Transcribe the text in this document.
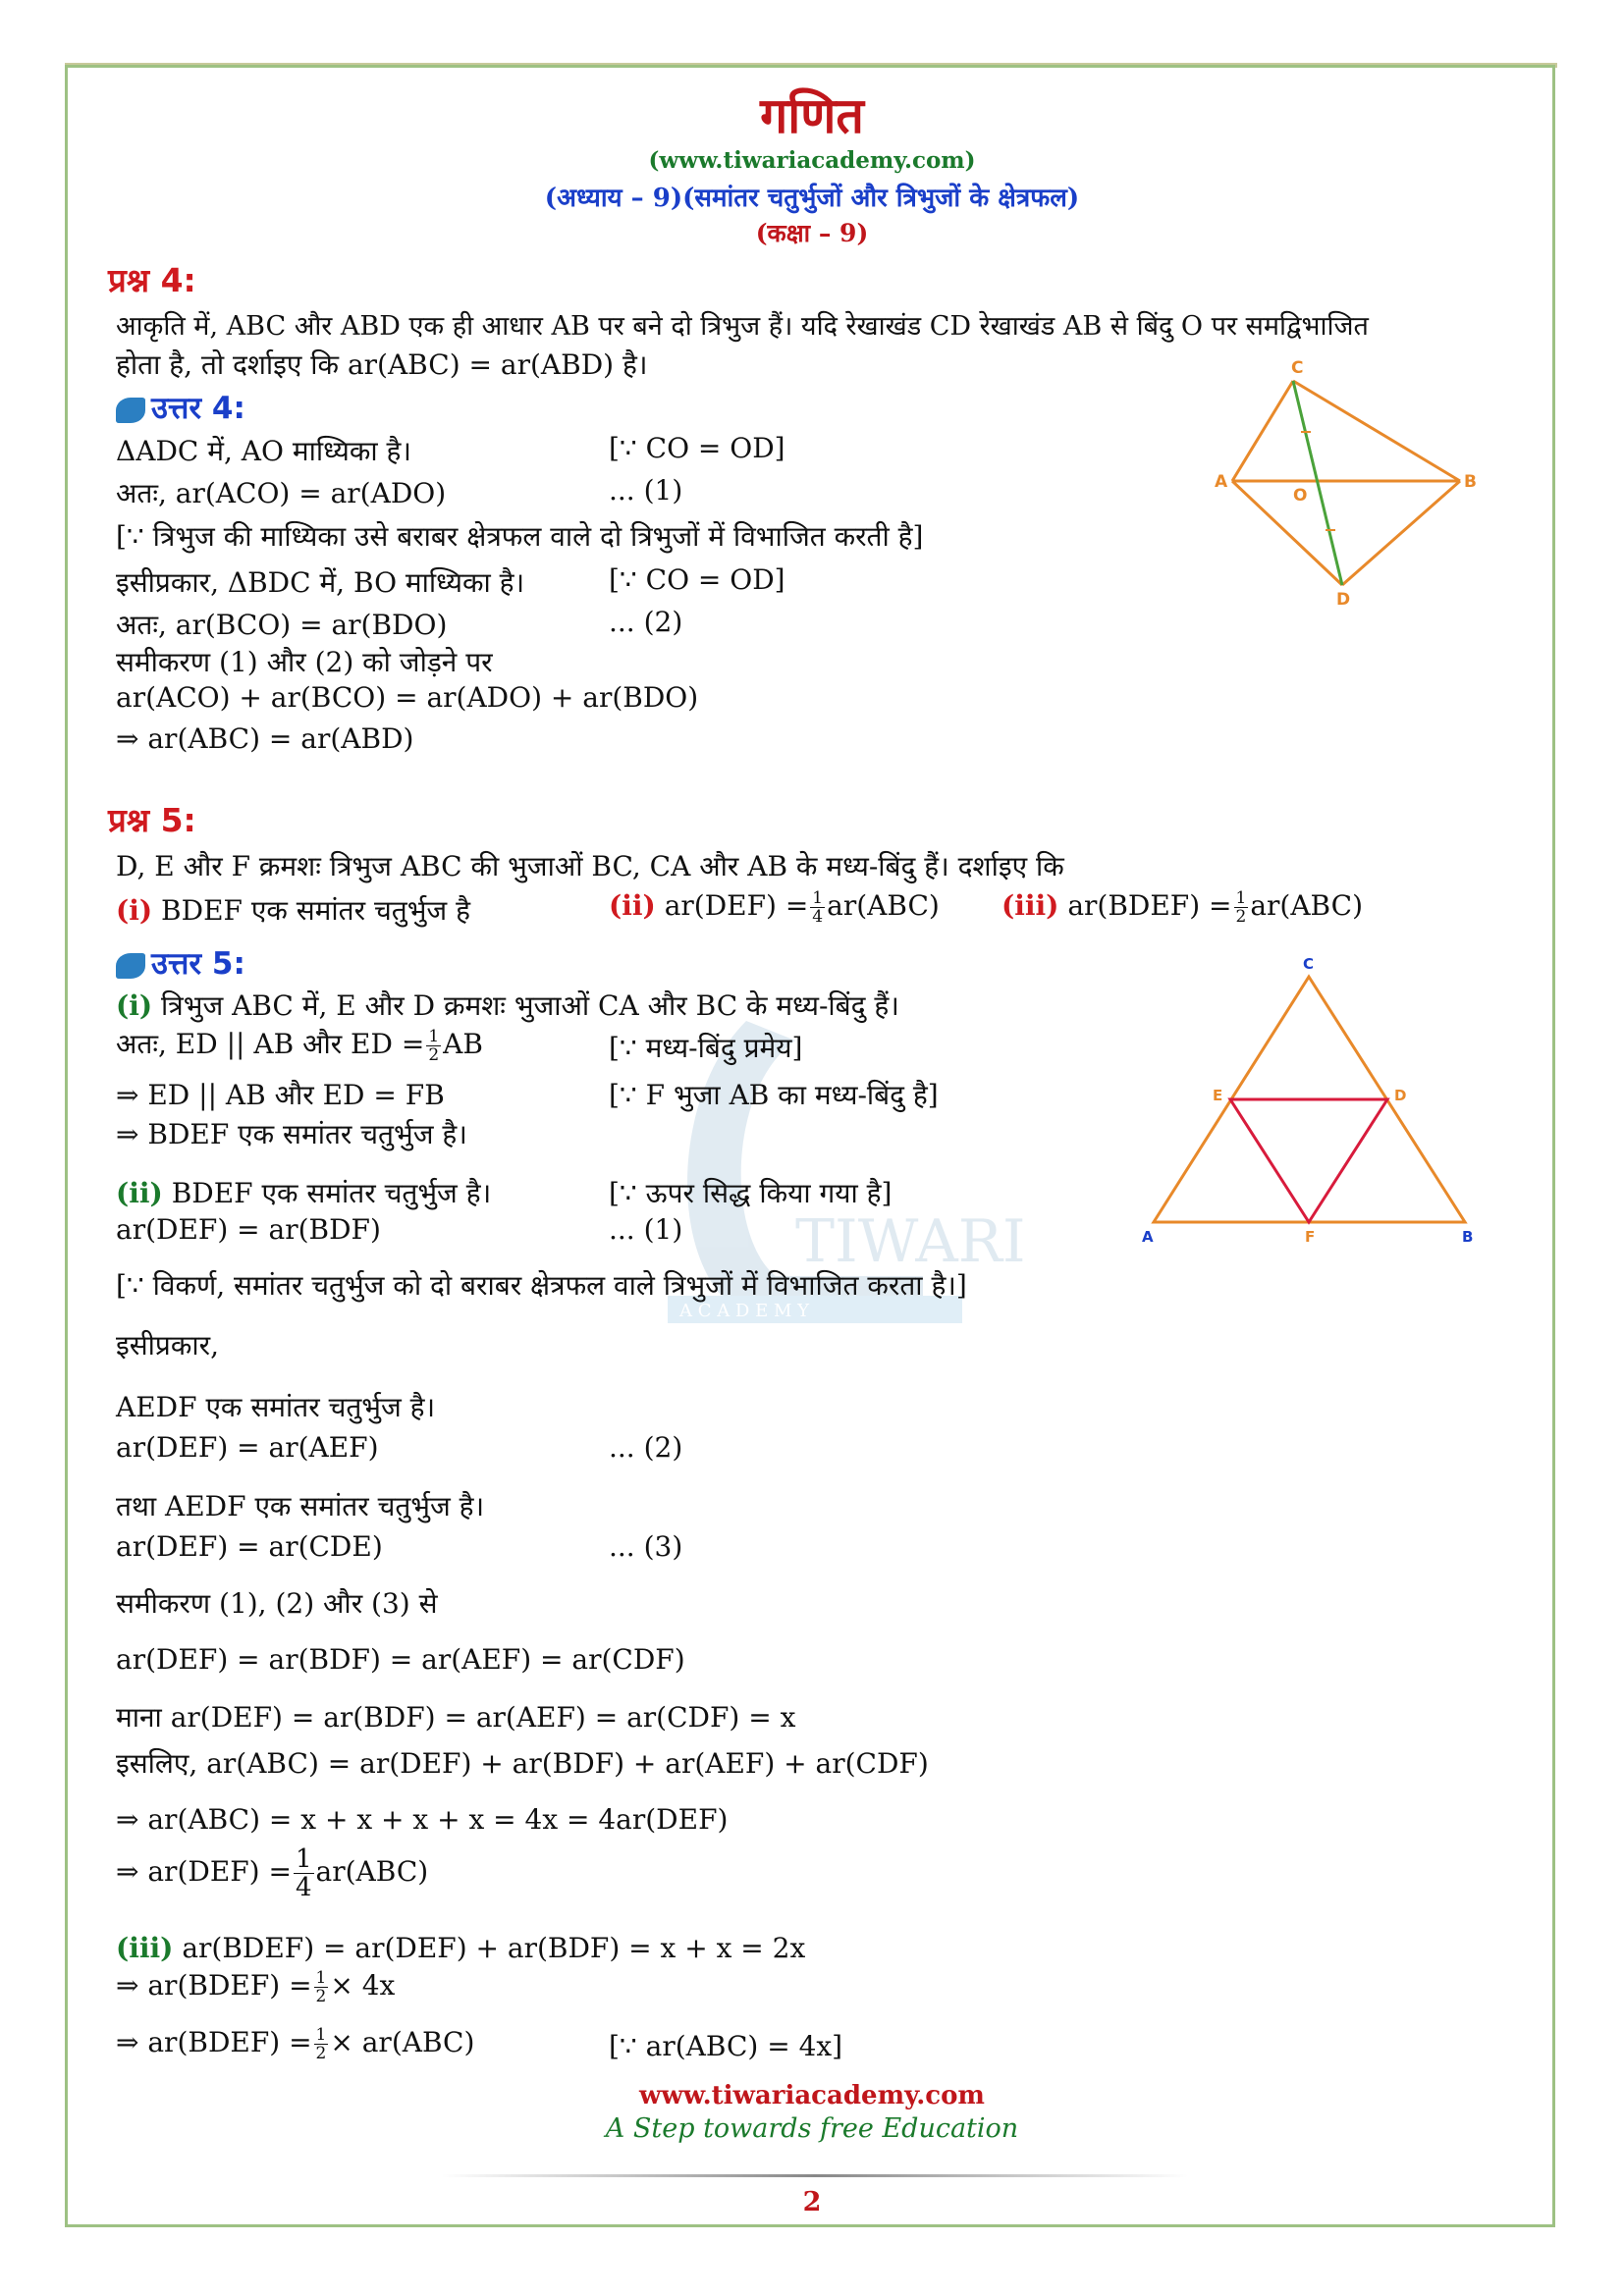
TIWARI
A C A D E M Y
गणित
(www.tiwariacademy.com)
(अध्याय – 9)(समांतर चतुर्भुजों और त्रिभुजों के क्षेत्रफल)
(कक्षा – 9)
प्रश्न 4:
आकृति में, ABC और ABD एक ही आधार AB पर बने दो त्रिभुज हैं। यदि रेखाखंड CD रेखाखंड AB से बिंदु O पर समद्विभाजित
होता है, तो दर्शाइए कि ar(ABC) = ar(ABD) है।
उत्तर 4:
ΔADC में, AO माध्यिका है।	[∵ CO = OD]
अतः, ar(ACO) = ar(ADO)	... (1)
[∵ त्रिभुज की माध्यिका उसे बराबर क्षेत्रफल वाले दो त्रिभुजों में विभाजित करती है]
इसीप्रकार, ΔBDC में, BO माध्यिका है।	[∵ CO = OD]
अतः, ar(BCO) = ar(BDO)	... (2)
समीकरण (1) और (2) को जोड़ने पर
ar(ACO) + ar(BCO) = ar(ADO) + ar(BDO)
⇒ ar(ABC) = ar(ABD)
C
A	B
D
O
प्रश्न 5:
D, E और F क्रमशः त्रिभुज ABC की भुजाओं BC, CA और AB के मध्य-बिंदु हैं। दर्शाइए कि
(i) BDEF एक समांतर चतुर्भुज है	(ii) $ar(DEF) = \frac{1}{4} ar(ABC)$ (iii) ar(BDEF) = $\frac{1}{2} ar(ABC)$
उत्तर 5:
(i) त्रिभुज ABC में, E और D क्रमशः भुजाओं CA और BC के मध्य-बिंदु हैं।
अतः, ED || AB और ED = $\frac{1}{2}$ AB	[∵ मध्य-बिंदु प्रमेय]
⇒ ED || AB और ED = FB	[∵ F भुजा AB का मध्य-बिंदु है]
⇒ BDEF एक समांतर चतुर्भुज है।
(ii) BDEF एक समांतर चतुर्भुज है।	[∵ ऊपर सिद्ध किया गया है]
ar(DEF) = ar(BDF)	... (1)
[∵ विकर्ण, समांतर चतुर्भुज को दो बराबर क्षेत्रफल वाले त्रिभुजों में विभाजित करता है।]
इसीप्रकार,
AEDF एक समांतर चतुर्भुज है।
ar(DEF) = ar(AEF)	... (2)
तथा AEDF एक समांतर चतुर्भुज है।
ar(DEF) = ar(CDE)	... (3)
समीकरण (1), (2) और (3) से
ar(DEF) = ar(BDF) = ar(AEF) = ar(CDF)
माना ar(DEF) = ar(BDF) = ar(AEF) = ar(CDF) = x
इसलिए, ar(ABC) = ar(DEF) + ar(BDF) + ar(AEF) + ar(CDF)
⇒ ar(ABC) = x + x + x + x = 4x = 4ar(DEF)
⇒ $ar(DEF) = \frac{1}{4} ar(ABC)$
(iii) ar(BDEF) = ar(DEF) + ar(BDF) = x + x = 2x
⇒ ar(BDEF) = $\frac{1}{2} \times 4x$
⇒ ar(BDEF) = $\frac{1}{2} \times ar(ABC)$	[∵ ar(ABC) = 4x]
C
E	D
A	F	B
www.tiwariacademy.com
A Step towards free Education
2
